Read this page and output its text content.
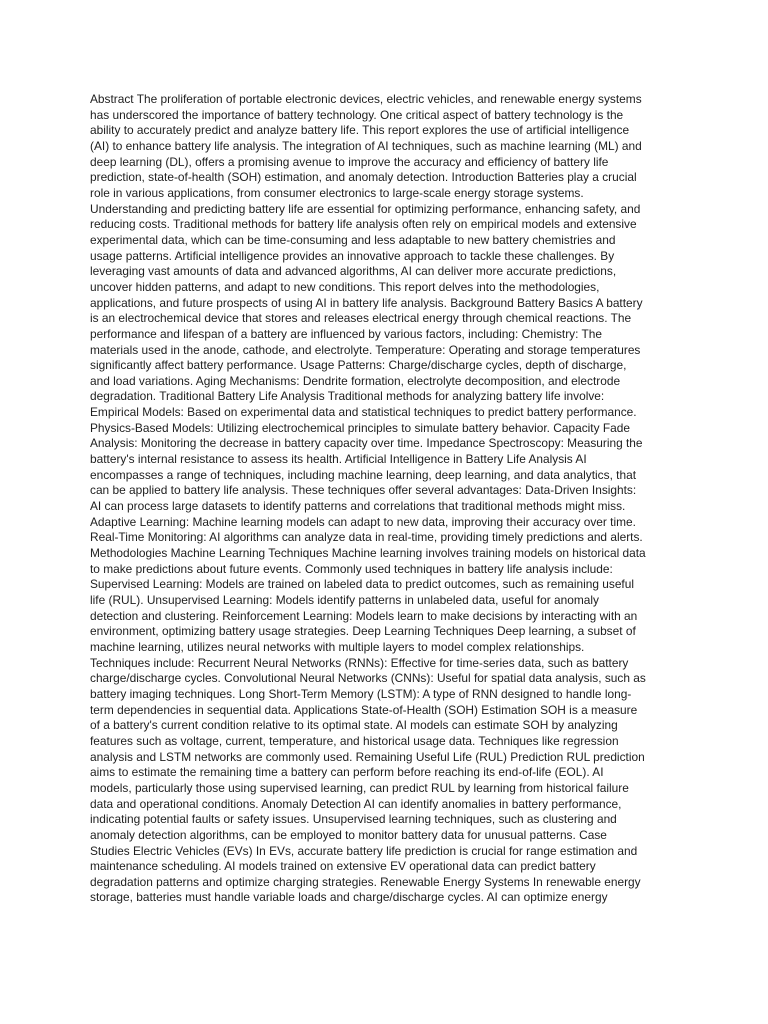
Abstract The proliferation of portable electronic devices, electric vehicles, and renewable energy systems
has underscored the importance of battery technology. One critical aspect of battery technology is the
ability to accurately predict and analyze battery life. This report explores the use of artificial intelligence
(AI) to enhance battery life analysis. The integration of AI techniques, such as machine learning (ML) and
deep learning (DL), offers a promising avenue to improve the accuracy and efficiency of battery life
prediction, state-of-health (SOH) estimation, and anomaly detection. Introduction Batteries play a crucial
role in various applications, from consumer electronics to large-scale energy storage systems.
Understanding and predicting battery life are essential for optimizing performance, enhancing safety, and
reducing costs. Traditional methods for battery life analysis often rely on empirical models and extensive
experimental data, which can be time-consuming and less adaptable to new battery chemistries and
usage patterns. Artificial intelligence provides an innovative approach to tackle these challenges. By
leveraging vast amounts of data and advanced algorithms, AI can deliver more accurate predictions,
uncover hidden patterns, and adapt to new conditions. This report delves into the methodologies,
applications, and future prospects of using AI in battery life analysis. Background Battery Basics A battery
is an electrochemical device that stores and releases electrical energy through chemical reactions. The
performance and lifespan of a battery are influenced by various factors, including: Chemistry: The
materials used in the anode, cathode, and electrolyte. Temperature: Operating and storage temperatures
significantly affect battery performance. Usage Patterns: Charge/discharge cycles, depth of discharge,
and load variations. Aging Mechanisms: Dendrite formation, electrolyte decomposition, and electrode
degradation. Traditional Battery Life Analysis Traditional methods for analyzing battery life involve:
Empirical Models: Based on experimental data and statistical techniques to predict battery performance.
Physics-Based Models: Utilizing electrochemical principles to simulate battery behavior. Capacity Fade
Analysis: Monitoring the decrease in battery capacity over time. Impedance Spectroscopy: Measuring the
battery's internal resistance to assess its health. Artificial Intelligence in Battery Life Analysis AI
encompasses a range of techniques, including machine learning, deep learning, and data analytics, that
can be applied to battery life analysis. These techniques offer several advantages: Data-Driven Insights:
AI can process large datasets to identify patterns and correlations that traditional methods might miss.
Adaptive Learning: Machine learning models can adapt to new data, improving their accuracy over time.
Real-Time Monitoring: AI algorithms can analyze data in real-time, providing timely predictions and alerts.
Methodologies Machine Learning Techniques Machine learning involves training models on historical data
to make predictions about future events. Commonly used techniques in battery life analysis include:
Supervised Learning: Models are trained on labeled data to predict outcomes, such as remaining useful
life (RUL). Unsupervised Learning: Models identify patterns in unlabeled data, useful for anomaly
detection and clustering. Reinforcement Learning: Models learn to make decisions by interacting with an
environment, optimizing battery usage strategies. Deep Learning Techniques Deep learning, a subset of
machine learning, utilizes neural networks with multiple layers to model complex relationships.
Techniques include: Recurrent Neural Networks (RNNs): Effective for time-series data, such as battery
charge/discharge cycles. Convolutional Neural Networks (CNNs): Useful for spatial data analysis, such as
battery imaging techniques. Long Short-Term Memory (LSTM): A type of RNN designed to handle long-
term dependencies in sequential data. Applications State-of-Health (SOH) Estimation SOH is a measure
of a battery's current condition relative to its optimal state. AI models can estimate SOH by analyzing
features such as voltage, current, temperature, and historical usage data. Techniques like regression
analysis and LSTM networks are commonly used. Remaining Useful Life (RUL) Prediction RUL prediction
aims to estimate the remaining time a battery can perform before reaching its end-of-life (EOL). AI
models, particularly those using supervised learning, can predict RUL by learning from historical failure
data and operational conditions. Anomaly Detection AI can identify anomalies in battery performance,
indicating potential faults or safety issues. Unsupervised learning techniques, such as clustering and
anomaly detection algorithms, can be employed to monitor battery data for unusual patterns. Case
Studies Electric Vehicles (EVs) In EVs, accurate battery life prediction is crucial for range estimation and
maintenance scheduling. AI models trained on extensive EV operational data can predict battery
degradation patterns and optimize charging strategies. Renewable Energy Systems In renewable energy
storage, batteries must handle variable loads and charge/discharge cycles. AI can optimize energy
